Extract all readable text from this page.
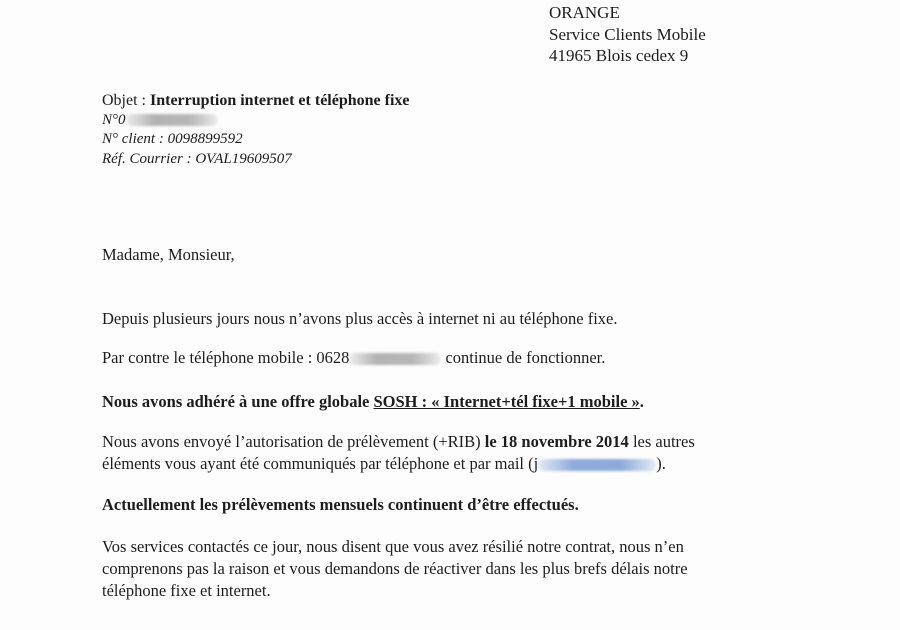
ORANGE
Service Clients Mobile
41965 Blois cedex 9
Objet : Interruption internet et téléphone fixe
N°0
N° client : 0098899592
Réf. Courrier : OVAL19609507
Madame, Monsieur,
Depuis plusieurs jours nous n’avons plus accès à internet ni au téléphone fixe.
Par contre le téléphone mobile : 0628	continue de fonctionner.
Nous avons adhéré à une offre globale SOSH : « Internet+tél fixe+1 mobile ».
Nous avons envoyé l’autorisation de prélèvement (+RIB) le 18 novembre 2014 les autres
éléments vous ayant été communiqués par téléphone et par mail (j	).
Actuellement les prélèvements mensuels continuent d’être effectués.
Vos services contactés ce jour, nous disent que vous avez résilié notre contrat, nous n’en
comprenons pas la raison et vous demandons de réactiver dans les plus brefs délais notre
téléphone fixe et internet.
